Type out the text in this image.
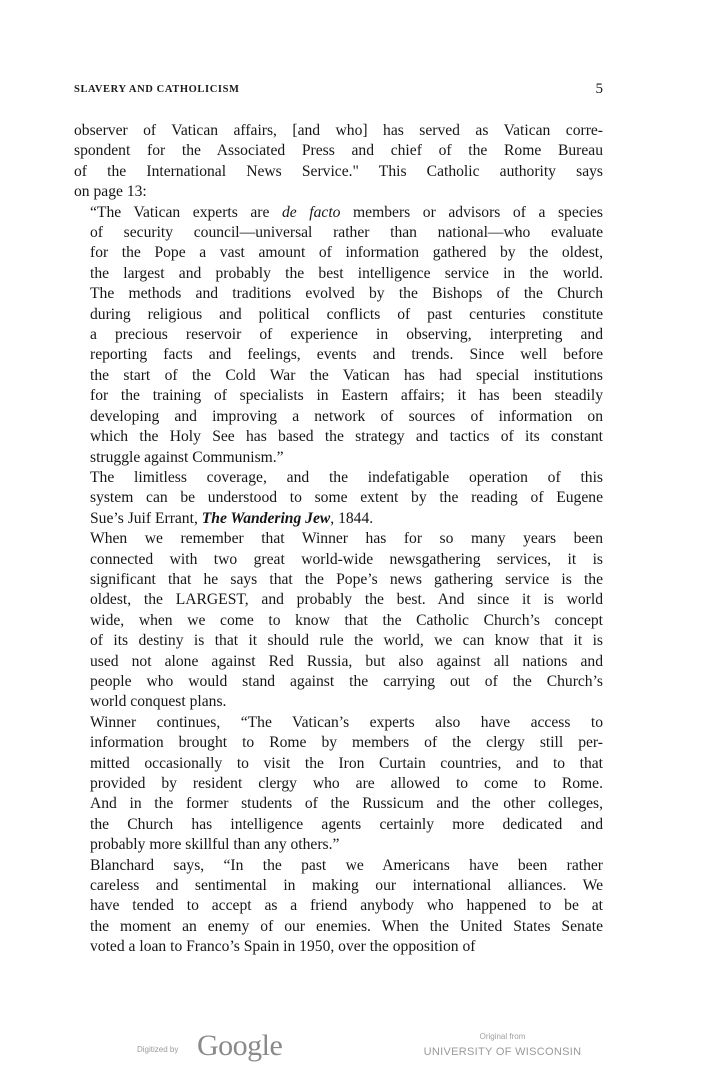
SLAVERY AND CATHOLICISM	5
observer of Vatican affairs, [and who] has served as Vatican corre-
spondent for the Associated Press and chief of the Rome Bureau
of the International News Service." This Catholic authority says
on page 13:
“The Vatican experts are de facto members or advisors of a species
of security council—universal rather than national—who evaluate
for the Pope a vast amount of information gathered by the oldest,
the largest and probably the best intelligence service in the world.
The methods and traditions evolved by the Bishops of the Church
during religious and political conflicts of past centuries constitute
a precious reservoir of experience in observing, interpreting and
reporting facts and feelings, events and trends. Since well before
the start of the Cold War the Vatican has had special institutions
for the training of specialists in Eastern affairs; it has been steadily
developing and improving a network of sources of information on
which the Holy See has based the strategy and tactics of its constant
struggle against Communism.”
The limitless coverage, and the indefatigable operation of this
system can be understood to some extent by the reading of Eugene
Sue’s Juif Errant, The Wandering Jew, 1844.
When we remember that Winner has for so many years been
connected with two great world-wide newsgathering services, it is
significant that he says that the Pope’s news gathering service is the
oldest, the LARGEST, and probably the best. And since it is world
wide, when we come to know that the Catholic Church’s concept
of its destiny is that it should rule the world, we can know that it is
used not alone against Red Russia, but also against all nations and
people who would stand against the carrying out of the Church’s
world conquest plans.
Winner continues, “The Vatican’s experts also have access to
information brought to Rome by members of the clergy still per-
mitted occasionally to visit the Iron Curtain countries, and to that
provided by resident clergy who are allowed to come to Rome.
And in the former students of the Russicum and the other colleges,
the Church has intelligence agents certainly more dedicated and
probably more skillful than any others.”
Blanchard says, “In the past we Americans have been rather
careless and sentimental in making our international alliances. We
have tended to accept as a friend anybody who happened to be at
the moment an enemy of our enemies. When the United States Senate
voted a loan to Franco’s Spain in 1950, over the opposition of
Digitized by Google	Original from
UNIVERSITY OF WISCONSIN
